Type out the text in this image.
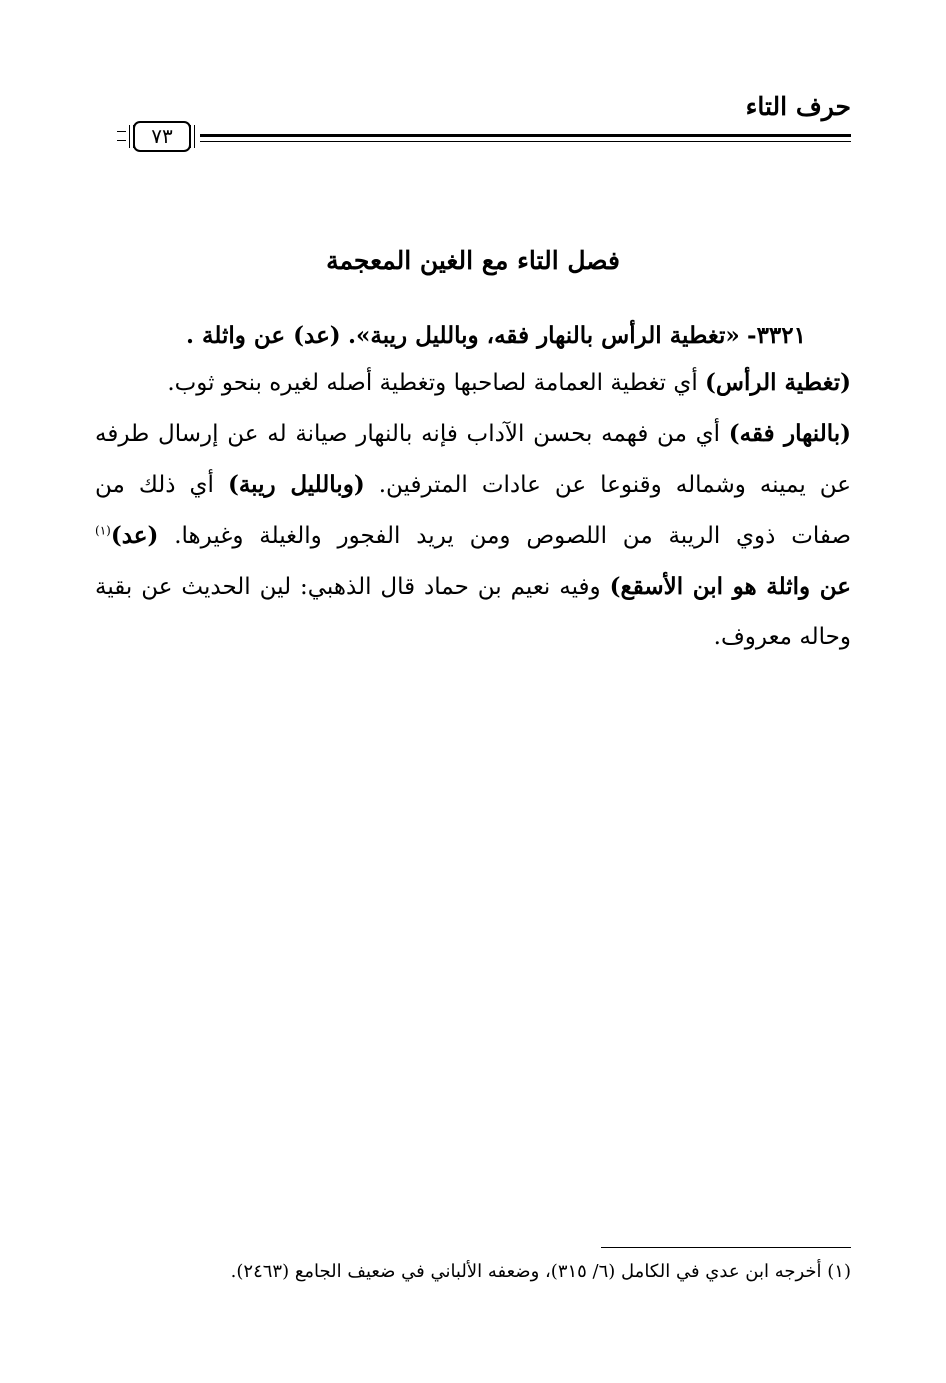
حرف التاء
٧٣
فصل التاء مع الغين المعجمة
٣٣٢١- «تغطية الرأس بالنهار فقه، وبالليل ريبة». (عد) عن واثلة .
(تغطية الرأس) أي تغطية العمامة لصاحبها وتغطية أصله لغيره بنحو ثوب.
(بالنهار فقه) أي من فهمه بحسن الآداب فإنه بالنهار صيانة له عن إرسال طرفه
عن يمينه وشماله وقنوعا عن عادات المترفين. (وبالليل ريبة) أي ذلك من
صفات ذوي الريبة من اللصوص ومن يريد الفجور والغيلة وغيرها. (عد)$^{(١)}$
عن واثلة هو ابن الأسقع) وفيه نعيم بن حماد قال الذهبي: لين الحديث عن بقية
وحاله معروف.
(١) أخرجه ابن عدي في الكامل (٦/ ٣١٥)، وضعفه الألباني في ضعيف الجامع (٢٤٦٣).
